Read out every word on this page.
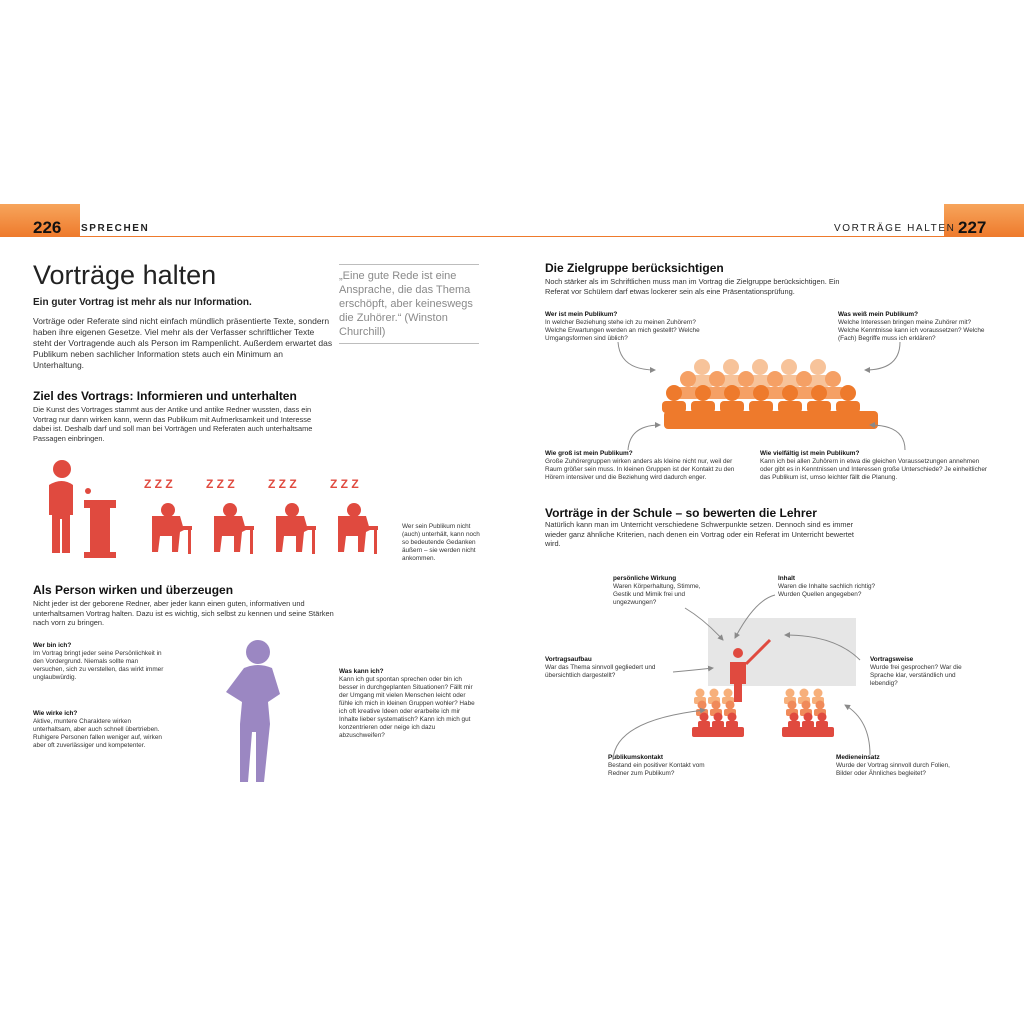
226 SPRECHEN	VORTRÄGE HALTEN 227
Vorträge halten
Ein guter Vortrag ist mehr als nur Information.
Vorträge oder Referate sind nicht einfach mündlich präsentierte Texte, sondern haben ihre eigenen Gesetze. Viel mehr als der Verfasser schriftlicher Texte steht der Vortragende auch als Person im Rampenlicht. Außerdem erwartet das Publikum neben sachlicher Information stets auch ein Minimum an Unterhaltung.
„Eine gute Rede ist eine Ansprache, die das Thema erschöpft, aber keineswegs die Zuhörer.“ (Winston Churchill)
Ziel des Vortrags: Informieren und unterhalten
Die Kunst des Vortrages stammt aus der Antike und antike Redner wussten, dass ein Vortrag nur dann wirken kann, wenn das Publikum mit Aufmerksamkeit und Interesse dabei ist. Deshalb darf und soll man bei Vorträgen und Referaten auch unterhaltsame Passagen einbringen.
Z Z Z	Z Z Z	Z Z Z	Z Z Z
Wer sein Publikum nicht (auch) unterhält, kann noch so bedeutende Gedanken äußern – sie werden nicht ankommen.
Als Person wirken und überzeugen
Nicht jeder ist der geborene Redner, aber jeder kann einen guten, informativen und unterhaltsamen Vortrag halten. Dazu ist es wichtig, sich selbst zu kennen und seine Stärken nach vorn zu bringen.
Wer bin ich?
Im Vortrag bringt jeder seine Persönlichkeit in den Vordergrund. Niemals sollte man versuchen, sich zu verstellen, das wirkt immer unglaubwürdig.
Wie wirke ich?
Aktive, muntere Charaktere wirken unterhaltsam, aber auch schnell übertrieben. Ruhigere Personen fallen weniger auf, wirken aber oft zuverlässiger und kompetenter.
Was kann ich?
Kann ich gut spontan sprechen oder bin ich besser in durchgeplanten Situationen? Fällt mir der Umgang mit vielen Menschen leicht oder fühle ich mich in kleinen Gruppen wohler? Habe ich oft kreative Ideen oder erarbeite ich mir Inhalte lieber systematisch? Kann ich mich gut konzentrieren oder neige ich dazu abzuschweifen?
Die Zielgruppe berücksichtigen
Noch stärker als im Schriftlichen muss man im Vortrag die Zielgruppe berücksichtigen. Ein Referat vor Schülern darf etwas lockerer sein als eine Präsentationsprüfung.
Wer ist mein Publikum?
In welcher Beziehung stehe ich zu meinen Zuhörern? Welche Erwartungen werden an mich gestellt? Welche Umgangsformen sind üblich?
Was weiß mein Publikum?
Welche Interessen bringen meine Zuhörer mit? Welche Kenntnisse kann ich voraussetzen? Welche (Fach) Begriffe muss ich erklären?
Wie groß ist mein Publikum?
Große Zuhörergruppen wirken anders als kleine nicht nur, weil der Raum größer sein muss. In kleinen Gruppen ist der Kontakt zu den Hörern intensiver und die Beziehung wird dadurch enger.
Wie vielfältig ist mein Publikum?
Kann ich bei allen Zuhörern in etwa die gleichen Voraussetzungen annehmen oder gibt es in Kenntnissen und Interessen große Unterschiede? Je einheitlicher das Publikum ist, umso leichter fällt die Planung.
Vorträge in der Schule – so bewerten die Lehrer
Natürlich kann man im Unterricht verschiedene Schwerpunkte setzen. Dennoch sind es immer wieder ganz ähnliche Kriterien, nach denen ein Vortrag oder ein Referat im Unterricht bewertet wird.
persönliche Wirkung
Waren Körperhaltung, Stimme, Gestik und Mimik frei und ungezwungen?
Inhalt
Waren die Inhalte sachlich richtig? Wurden Quellen angegeben?
Vortragsaufbau
War das Thema sinnvoll gegliedert und übersichtlich dargestellt?
Vortragsweise
Wurde frei gesprochen? War die Sprache klar, verständlich und lebendig?
Publikumskontakt
Bestand ein positiver Kontakt vom Redner zum Publikum?
Medieneinsatz
Wurde der Vortrag sinnvoll durch Folien, Bilder oder Ähnliches begleitet?
